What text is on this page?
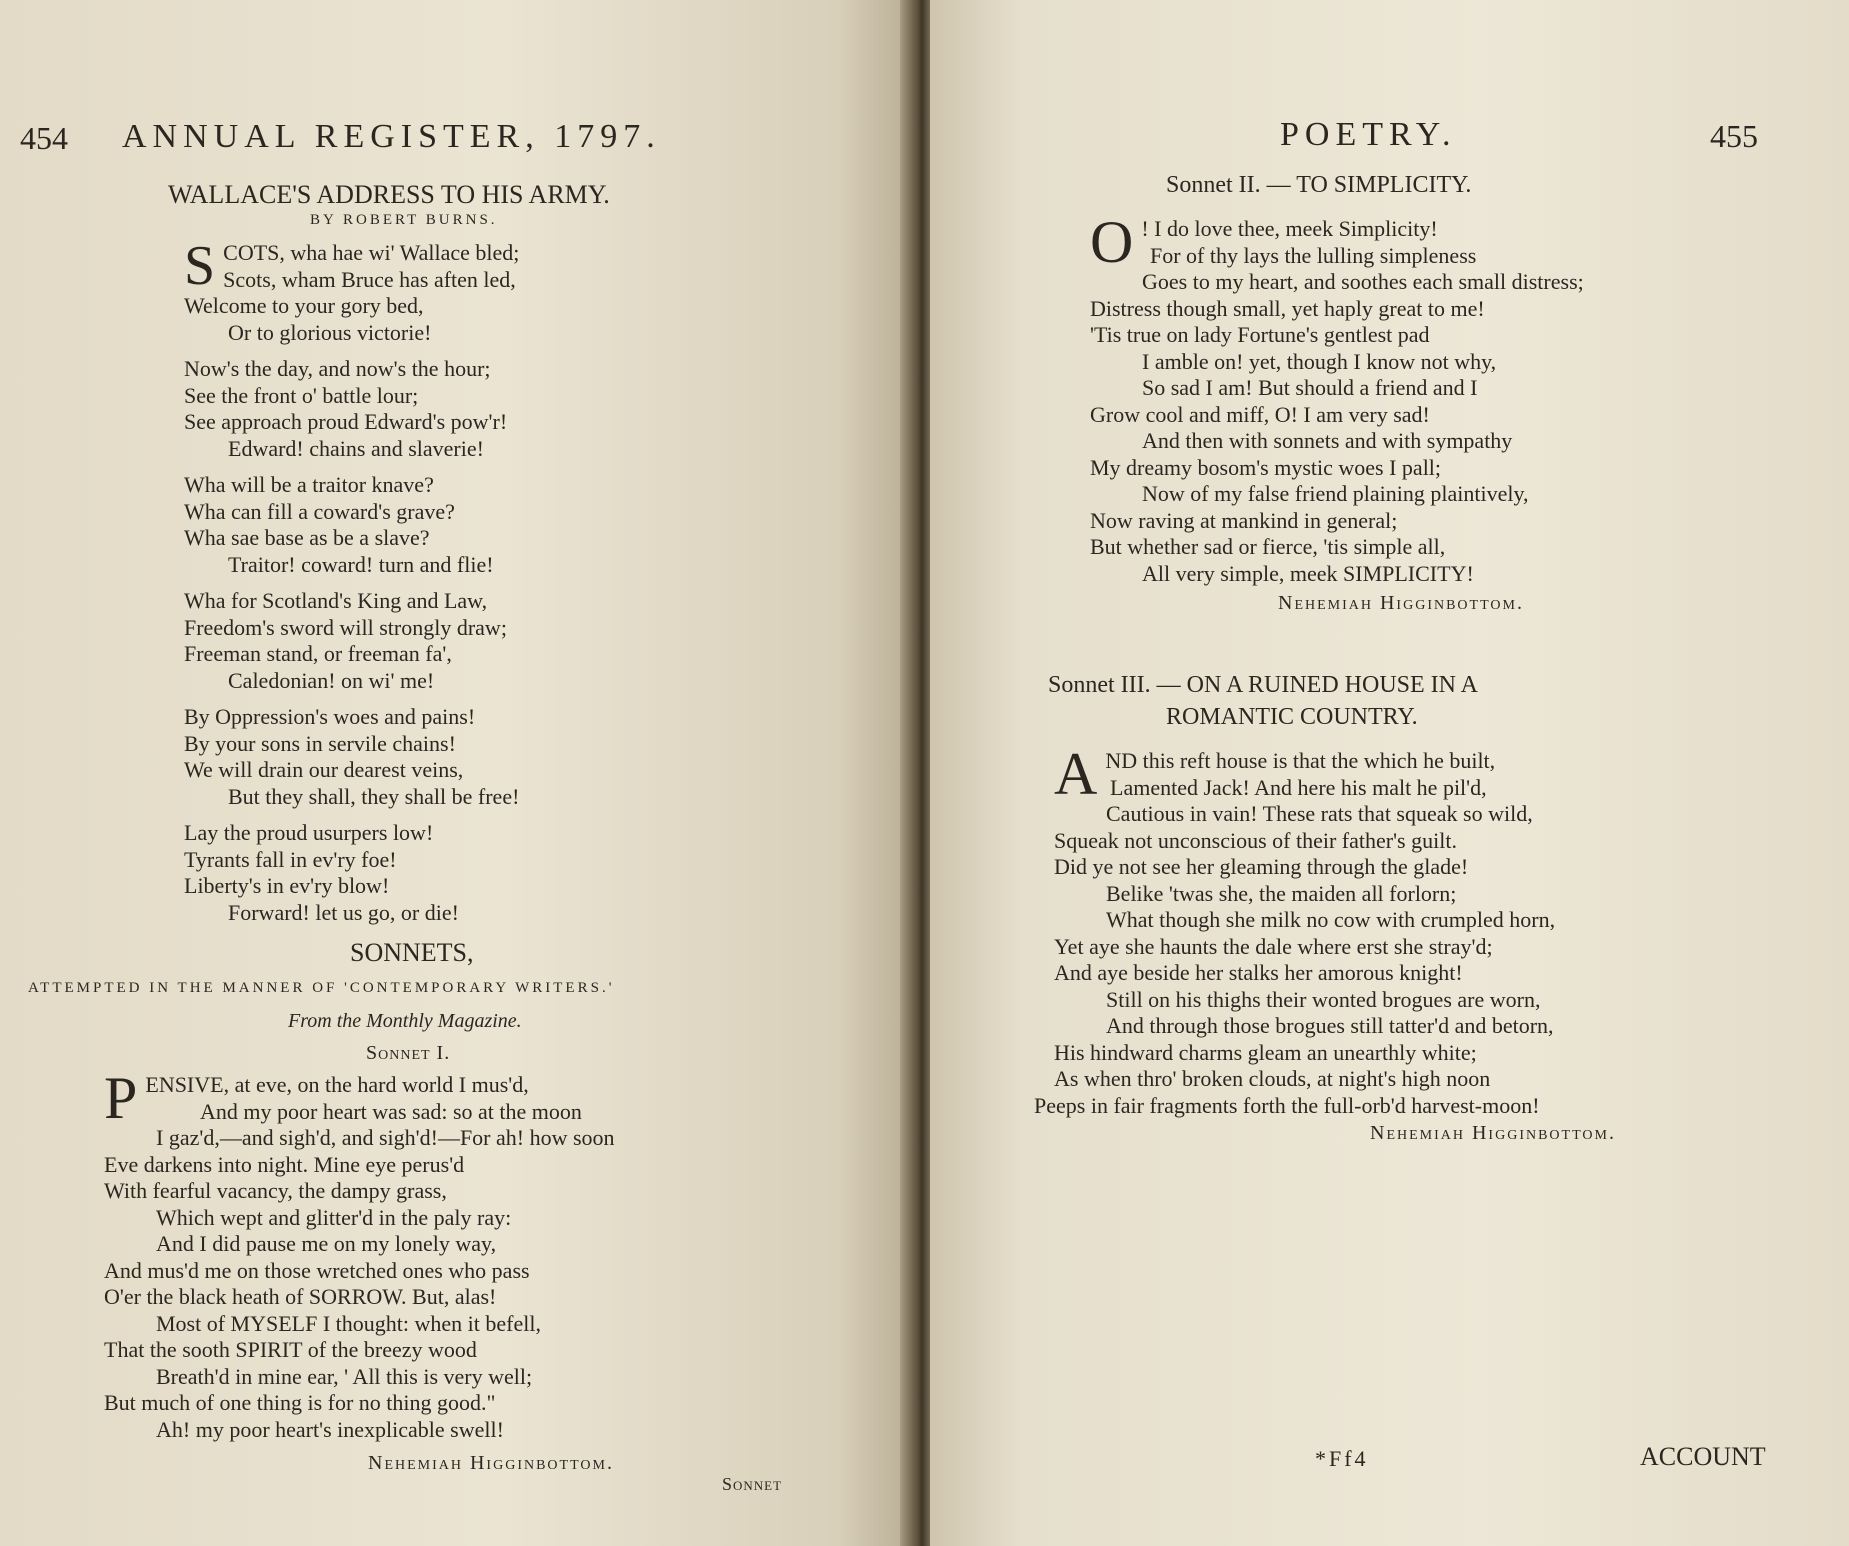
454 ANNUAL REGISTER, 1797.
WALLACE'S ADDRESS TO HIS ARMY.
BY ROBERT BURNS.
S COTS, wha hae wi' Wallace bled;
Scots, wham Bruce has aften led,
Welcome to your gory bed,
Or to glorious victorie!
Now's the day, and now's the hour;
See the front o' battle lour;
See approach proud Edward's pow'r!
Edward! chains and slaverie!
Wha will be a traitor knave?
Wha can fill a coward's grave?
Wha sae base as be a slave?
Traitor! coward! turn and flie!
Wha for Scotland's King and Law,
Freedom's sword will strongly draw;
Freeman stand, or freeman fa',
Caledonian! on wi' me!
By Oppression's woes and pains!
By your sons in servile chains!
We will drain our dearest veins,
But they shall, they shall be free!
Lay the proud usurpers low!
Tyrants fall in ev'ry foe!
Liberty's in ev'ry blow!
Forward! let us go, or die!
SONNETS,
ATTEMPTED IN THE MANNER OF 'CONTEMPORARY WRITERS.'
From the Monthly Magazine.
Sonnet I.
P ENSIVE, at eve, on the hard world I mus'd,
And my poor heart was sad: so at the moon
I gaz'd,—and sigh'd, and sigh'd!—For ah! how soon
Eve darkens into night. Mine eye perus'd
With fearful vacancy, the dampy grass,
Which wept and glitter'd in the paly ray:
And I did pause me on my lonely way,
And mus'd me on those wretched ones who pass
O'er the black heath of SORROW. But, alas!
Most of MYSELF I thought: when it befell,
That the sooth SPIRIT of the breezy wood
Breath'd in mine ear, ' All this is very well;
But much of one thing is for no thing good."
Ah! my poor heart's inexplicable swell!
Nehemiah Higginbottom.
Sonnet
POETRY.	455
Sonnet II. — TO SIMPLICITY.
O ! I do love thee, meek Simplicity!
For of thy lays the lulling simpleness
Goes to my heart, and soothes each small distress;
Distress though small, yet haply great to me!
'Tis true on lady Fortune's gentlest pad
I amble on! yet, though I know not why,
So sad I am! But should a friend and I
Grow cool and miff, O! I am very sad!
And then with sonnets and with sympathy
My dreamy bosom's mystic woes I pall;
Now of my false friend plaining plaintively,
Now raving at mankind in general;
But whether sad or fierce, 'tis simple all,
All very simple, meek SIMPLICITY!
Nehemiah Higginbottom.
Sonnet III. — ON A RUINED HOUSE IN A
ROMANTIC COUNTRY.
A ND this reft house is that the which he built,
Lamented Jack! And here his malt he pil'd,
Cautious in vain! These rats that squeak so wild,
Squeak not unconscious of their father's guilt.
Did ye not see her gleaming through the glade!
Belike 'twas she, the maiden all forlorn;
What though she milk no cow with crumpled horn,
Yet aye she haunts the dale where erst she stray'd;
And aye beside her stalks her amorous knight!
Still on his thighs their wonted brogues are worn,
And through those brogues still tatter'd and betorn,
His hindward charms gleam an unearthly white;
As when thro' broken clouds, at night's high noon
Peeps in fair fragments forth the full-orb'd harvest-moon!
Nehemiah Higginbottom.
*Ff4	ACCOUNT
